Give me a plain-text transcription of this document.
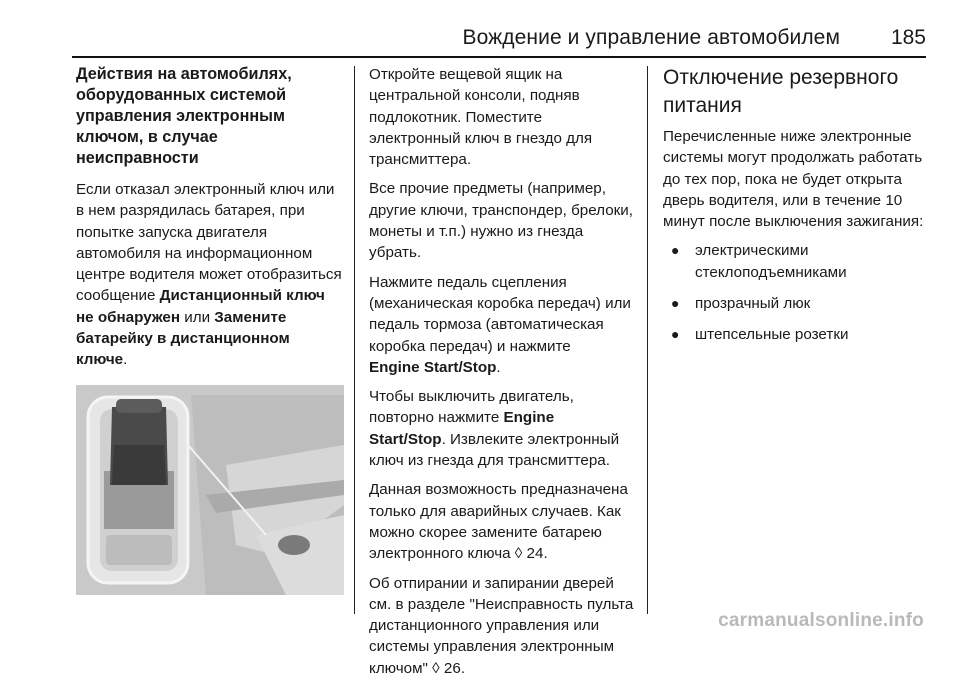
Вождение и управление автомобилем 185
Действия на автомобилях,
оборудованных системой
управления электронным
ключом, в случае
неисправности

Если отказал электронный ключ или в нем разрядилась батарея, при попытке запуска двигателя автомобиля на информационном центре водителя может отобразиться сообщение Дистанционный ключ не обнаружен или Замените батарейку в дистанционном ключе.

Откройте вещевой ящик на центральной консоли, подняв подлокотник. Поместите электронный ключ в гнездо для трансмиттера.

Все прочие предметы (например, другие ключи, транспондер, брелоки, монеты и т.п.) нужно из гнезда убрать.

Нажмите педаль сцепления (механическая коробка передач) или педаль тормоза (автоматическая коробка передач) и нажмите
Engine Start/Stop.

Чтобы выключить двигатель, повторно нажмите Engine Start/Stop. Извлеките электронный ключ из гнезда для трансмиттера.

Данная возможность предназначена только для аварийных случаев. Как можно скорее замените батарею электронного ключа ◊ 24.

Об отпирании и запирании дверей см. в разделе "Неисправность пульта дистанционного управления или системы управления электронным ключом" ◊ 26.

Отключение резервного питания

Перечисленные ниже электронные системы могут продолжать работать до тех пор, пока не будет открыта дверь водителя, или в течение 10 минут после выключения зажигания:

● электрическими стеклоподъемниками
● прозрачный люк
● штепсельные розетки
carmanualsonline.info
